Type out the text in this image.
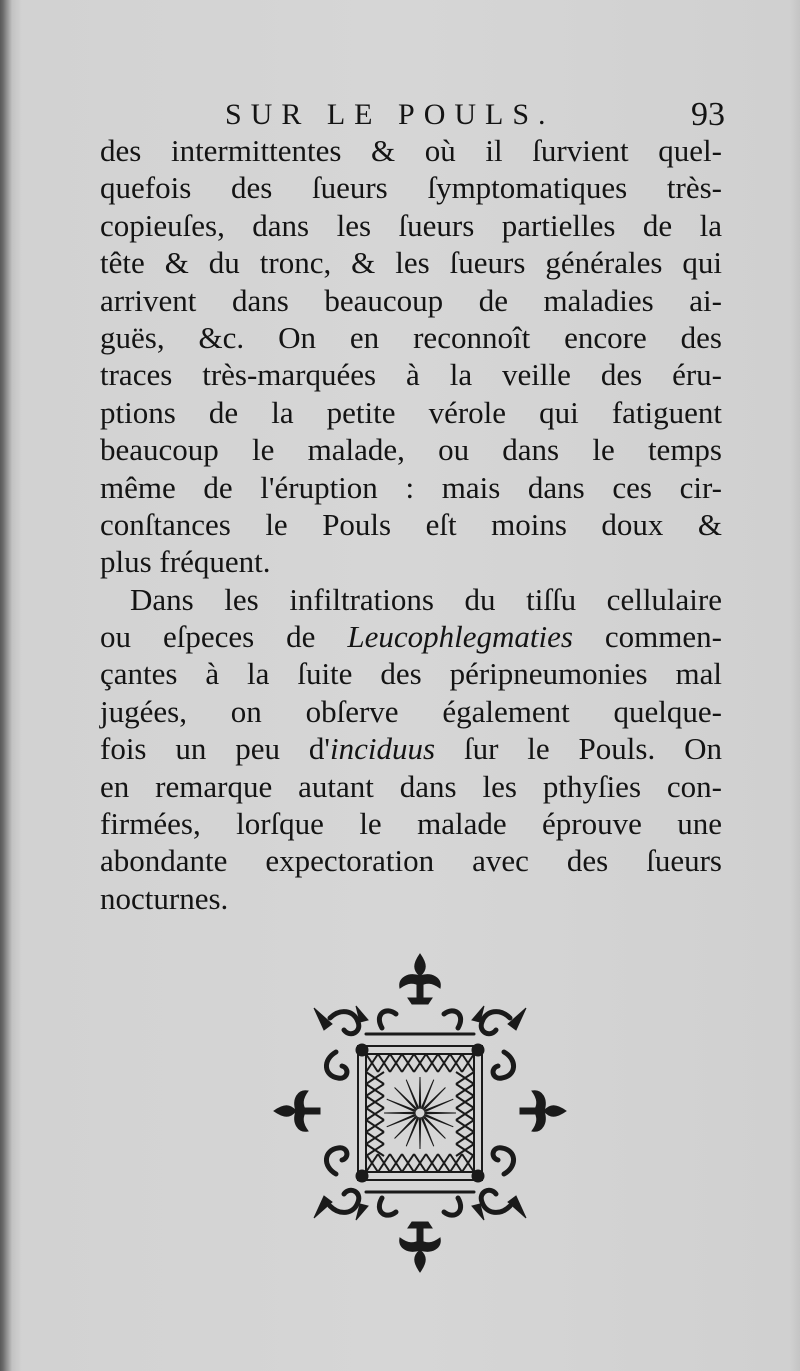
SUR LE POULS.	93
des intermittentes & où il ſurvient quel-
quefois des ſueurs ſymptomatiques très-
copieuſes, dans les ſueurs partielles de la
tête & du tronc, & les ſueurs générales qui
arrivent dans beaucoup de maladies ai-
guës, &c. On en reconnoît encore des
traces très-marquées à la veille des éru-
ptions de la petite vérole qui fatiguent
beaucoup le malade, ou dans le temps
même de l'éruption : mais dans ces cir-
conſtances le Pouls eſt moins doux &
plus fréquent.
Dans les infiltrations du tiſſu cellulaire
ou eſpeces de Leucophlegmaties commen-
çantes à la ſuite des péripneumonies mal
jugées, on obſerve également quelque-
fois un peu d'inciduus ſur le Pouls. On
en remarque autant dans les pthyſies con-
firmées, lorſque le malade éprouve une
abondante expectoration avec des ſueurs
nocturnes.
